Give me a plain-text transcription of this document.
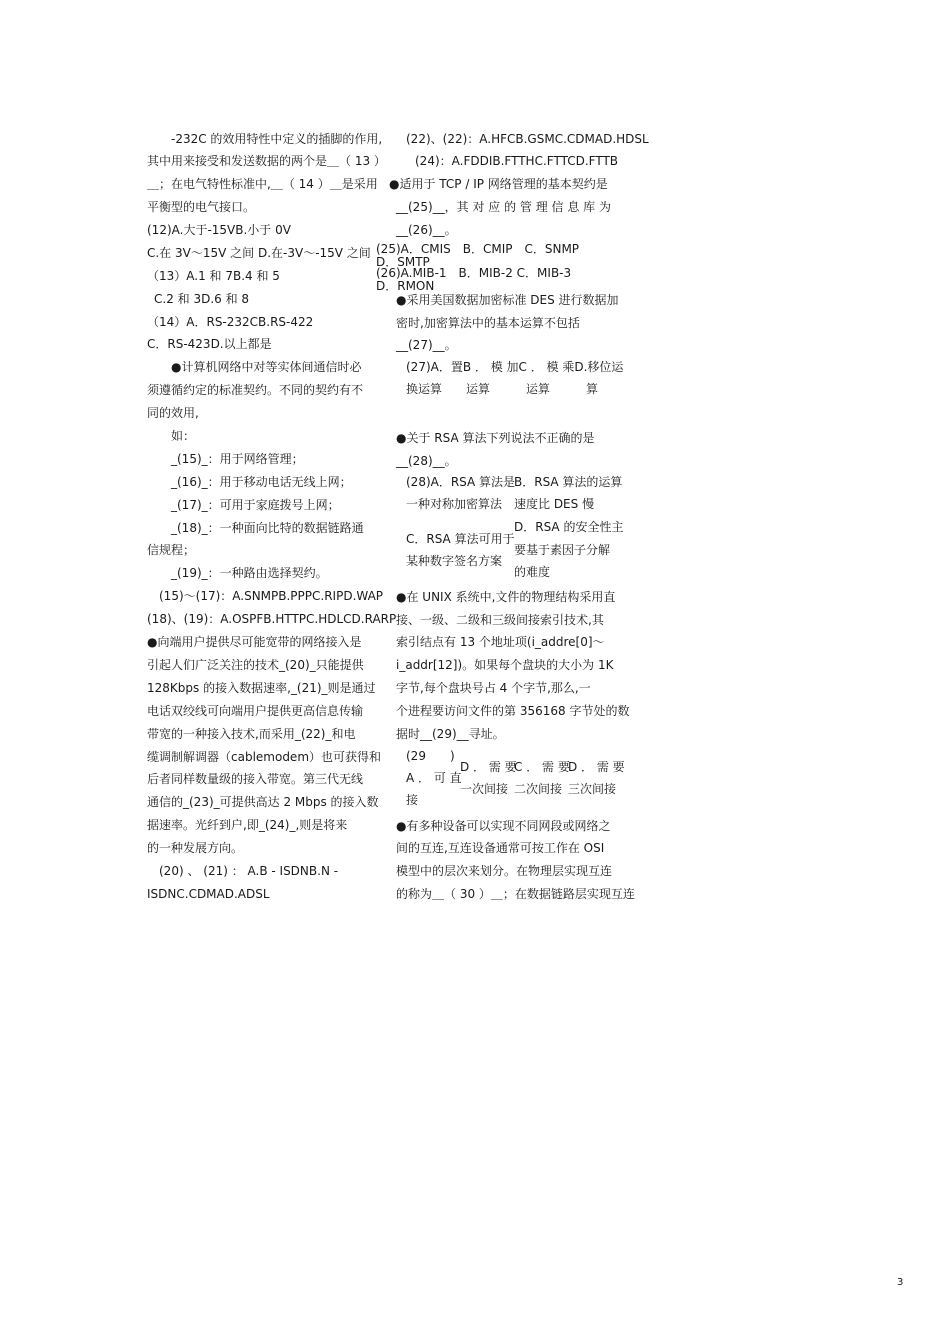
-232C 的效用特性中定义的插脚的作用,
其中用来接受和发送数据的两个是＿（ 13 ）
＿；在电气特性标准中,＿（ 14 ）＿是采用
平衡型的电气接口。
(12)A.大于-15VB.小于 0V
C.在 3V～15V 之间 D.在-3V～-15V 之间
（13）A.1 和 7B.4 和 5
C.2 和 3D.6 和 8
（14）A．RS-232CB.RS-422
C．RS-423D.以上都是
●计算机网络中对等实体间通信时必
须遵循约定的标准契约。不同的契约有不
同的效用,
如：
_(15)_：用于网络管理；
_(16)_：用于移动电话无线上网；
_(17)_：可用于家庭拨号上网；
_(18)_：一种面向比特的数据链路通
信规程；
_(19)_：一种路由选择契约。
(15)～(17)：A.SNMPB.PPPC.RIPD.WAP
(18)、(19)：A.OSPFB.HTTPC.HDLCD.RARP
●向端用户提供尽可能宽带的网络接入是
引起人们广泛关注的技术_(20)_只能提供
128Kbps 的接入数据速率,_(21)_则是通过
电话双绞线可向端用户提供更高信息传输
带宽的一种接入技术,而采用_(22)_和电
缆调制解调器（cablemodem）也可获得和
后者同样数量级的接入带宽。第三代无线
通信的_(23)_可提供高达 2 Mbps 的接入数
据速率。光纤到户,即_(24)_,则是将来
的一种发展方向。
(20) 、 (21) ： A.B - ISDNB.N -
ISDNC.CDMAD.ADSL
(22)、(22)：A.HFCB.GSMC.CDMAD.HDSL
(24)：A.FDDIB.FTTHC.FTTCD.FTTB
●适用于 TCP / IP 网络管理的基本契约是
__(25)__，其 对 应 的 管 理 信 息 库 为
__(26)__。
(25)A．CMIS　B．CMIP　C．SNMP
D．SMTP
(26)A.MIB-1　B．MIB-2 C．MIB-3
D．RMON
●采用美国数据加密标准 DES 进行数据加
密时,加密算法中的基本运算不包括
__(27)__。
(27)A．置B ． 模 加C ． 模 乘D.移位运
换运算　　运算　　　运算　　　算
●关于 RSA 算法下列说法不正确的是
__(28)__。
(28)A．RSA 算法是
一种对称加密算法
B．RSA 算法的运算
速度比 DES 慢
C．RSA 算法可用于
某种数字签名方案
D．RSA 的安全性主
要基于素因子分解
的难度
●在 UNIX 系统中,文件的物理结构采用直
接、一级、二级和三级间接索引技术,其
索引结点有 13 个地址项(i_addre[0]～
i_addr[12])。如果每个盘块的大小为 1K
字节,每个盘块号占 4 个字节,那么,一
个进程要访问文件的第 356168 字节处的数
据时__(29)__寻址。
(29　　)
A ． 可 直
接
D ． 需 要
一次间接
C ． 需 要
二次间接
D ． 需 要
三次间接
●有多种设备可以实现不同网段或网络之
间的互连,互连设备通常可按工作在 OSI
模型中的层次来划分。在物理层实现互连
的称为＿（ 30 ）＿；在数据链路层实现互连
3
